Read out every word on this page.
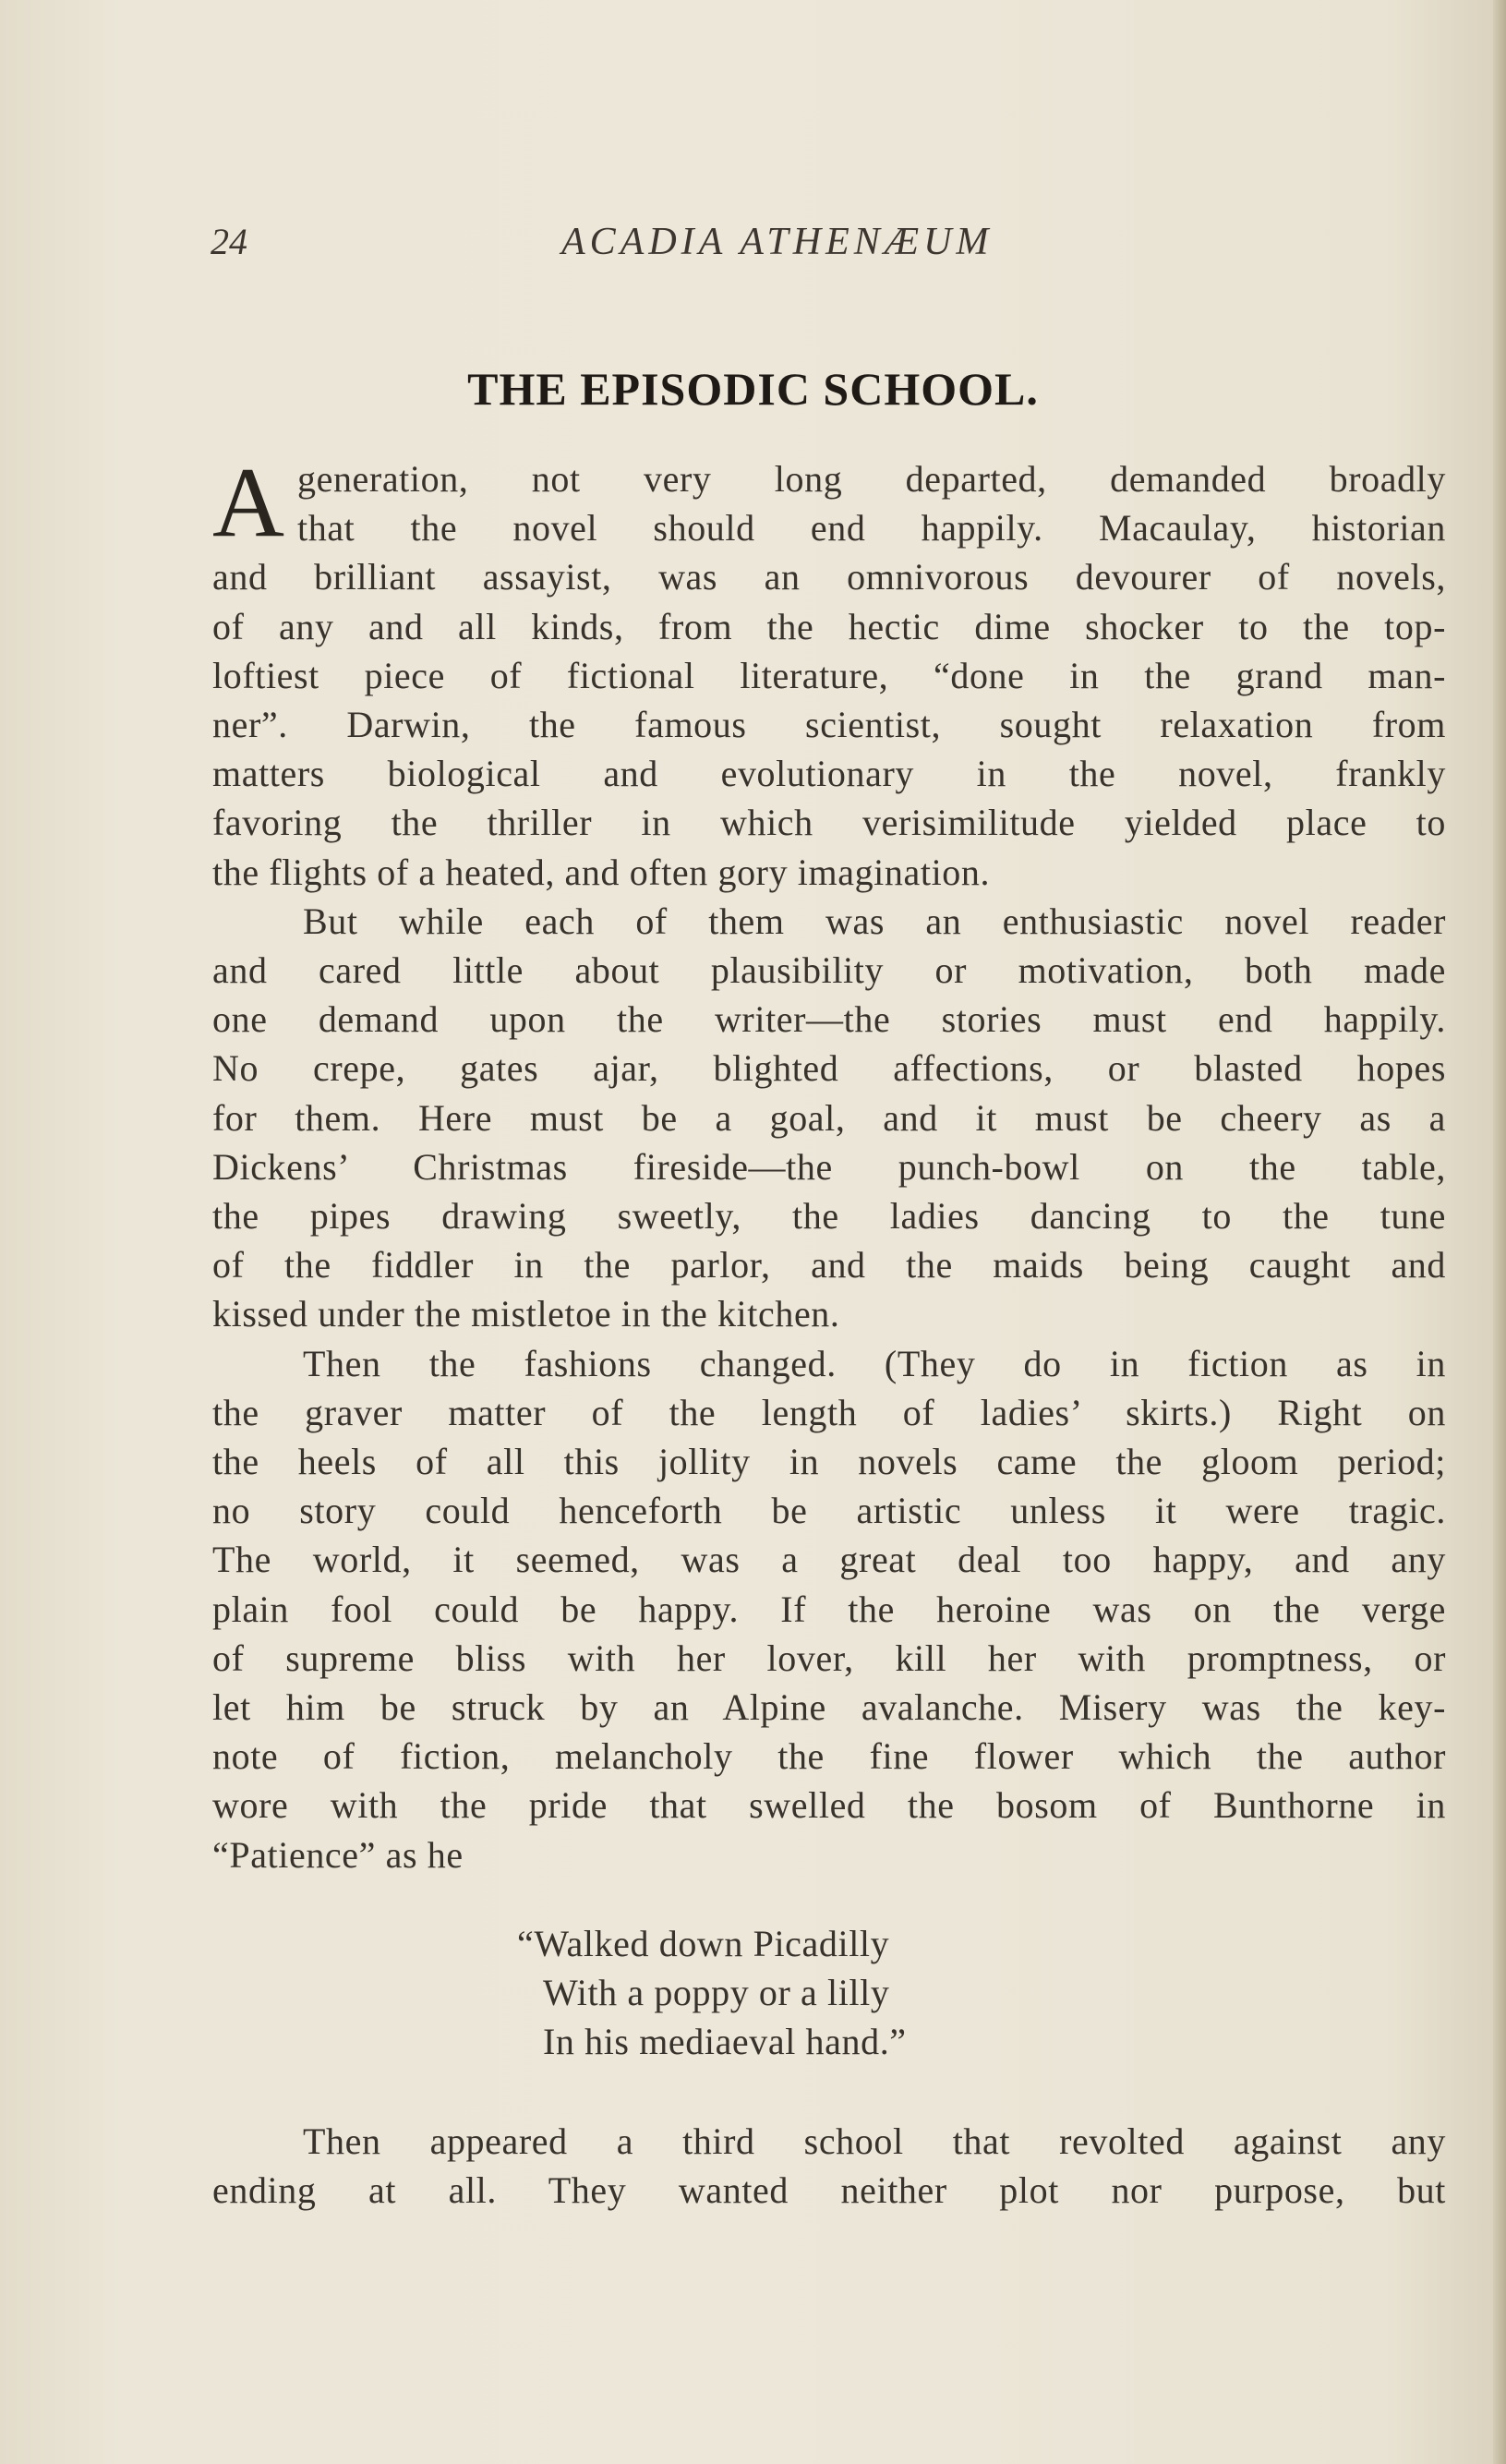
24	ACADIA ATHENÆUM
THE EPISODIC SCHOOL.

A generation, not very long departed, demanded broadly
that the novel should end happily. Macaulay, historian
and brilliant assayist, was an omnivorous devourer of novels,
of any and all kinds, from the hectic dime shocker to the top-
loftiest piece of fictional literature, “done in the grand man-
ner”. Darwin, the famous scientist, sought relaxation from
matters biological and evolutionary in the novel, frankly
favoring the thriller in which verisimilitude yielded place to
the flights of a heated, and often gory imagination.

But while each of them was an enthusiastic novel reader
and cared little about plausibility or motivation, both made
one demand upon the writer—the stories must end happily.
No crepe, gates ajar, blighted affections, or blasted hopes
for them. Here must be a goal, and it must be cheery as a
Dickens’ Christmas fireside—the punch-bowl on the table,
the pipes drawing sweetly, the ladies dancing to the tune
of the fiddler in the parlor, and the maids being caught and
kissed under the mistletoe in the kitchen.

Then the fashions changed. (They do in fiction as in
the graver matter of the length of ladies’ skirts.) Right on
the heels of all this jollity in novels came the gloom period;
no story could henceforth be artistic unless it were tragic.
The world, it seemed, was a great deal too happy, and any
plain fool could be happy. If the heroine was on the verge
of supreme bliss with her lover, kill her with promptness, or
let him be struck by an Alpine avalanche. Misery was the key-
note of fiction, melancholy the fine flower which the author
wore with the pride that swelled the bosom of Bunthorne in
“Patience” as he

“Walked down Picadilly
With a poppy or a lilly
In his mediaeval hand.”
Then appeared a third school that revolted against any
ending at all. They wanted neither plot nor purpose, but
